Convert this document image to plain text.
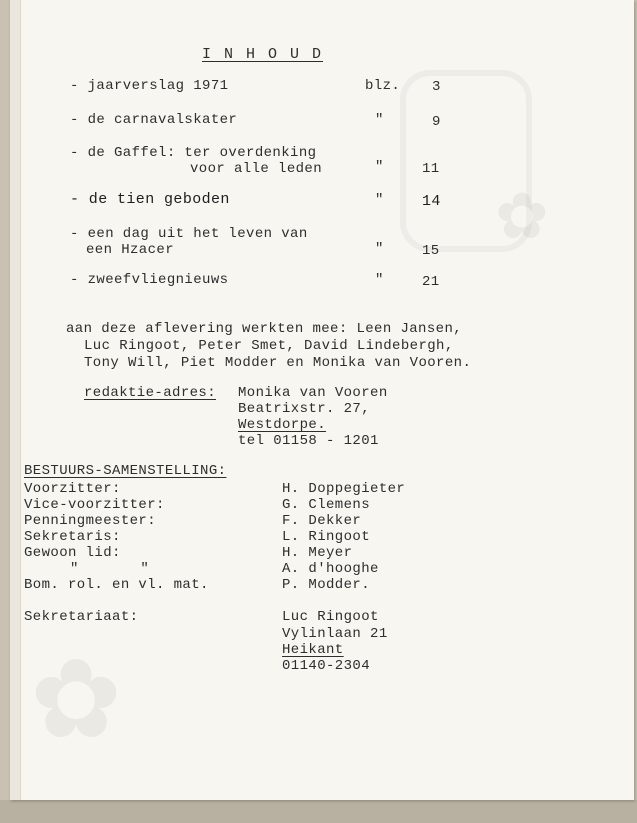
✿
✿

I N H O U D

- jaarverslag 1971	blz. 3

- de carnavalskater	"	9

- de Gaffel: ter overdenking

voor alle leden	"	11

- de tien geboden	"	14

- een dag uit het leven van

een Hzacer	"	15

- zweefvliegnieuws	"	21

aan deze aflevering werkten mee: Leen Jansen,

Luc Ringoot, Peter Smet, David Lindebergh,

Tony Will, Piet Modder en Monika van Vooren.

redaktie-adres: Monika van Vooren

Beatrixstr. 27,

Westdorpe.

tel 01158 - 1201

BESTUURS-SAMENSTELLING:

Voorzitter:	H. Doppegieter

Vice-voorzitter:	G. Clemens

Penningmeester:	F. Dekker

Sekretaris:	L. Ringoot

Gewoon lid:	H. Meyer

"       "	A. d'hooghe

Bom. rol. en vl. mat.	P. Modder.

Sekretariaat:	Luc Ringoot

Vylinlaan 21

Heikant

01140-2304
